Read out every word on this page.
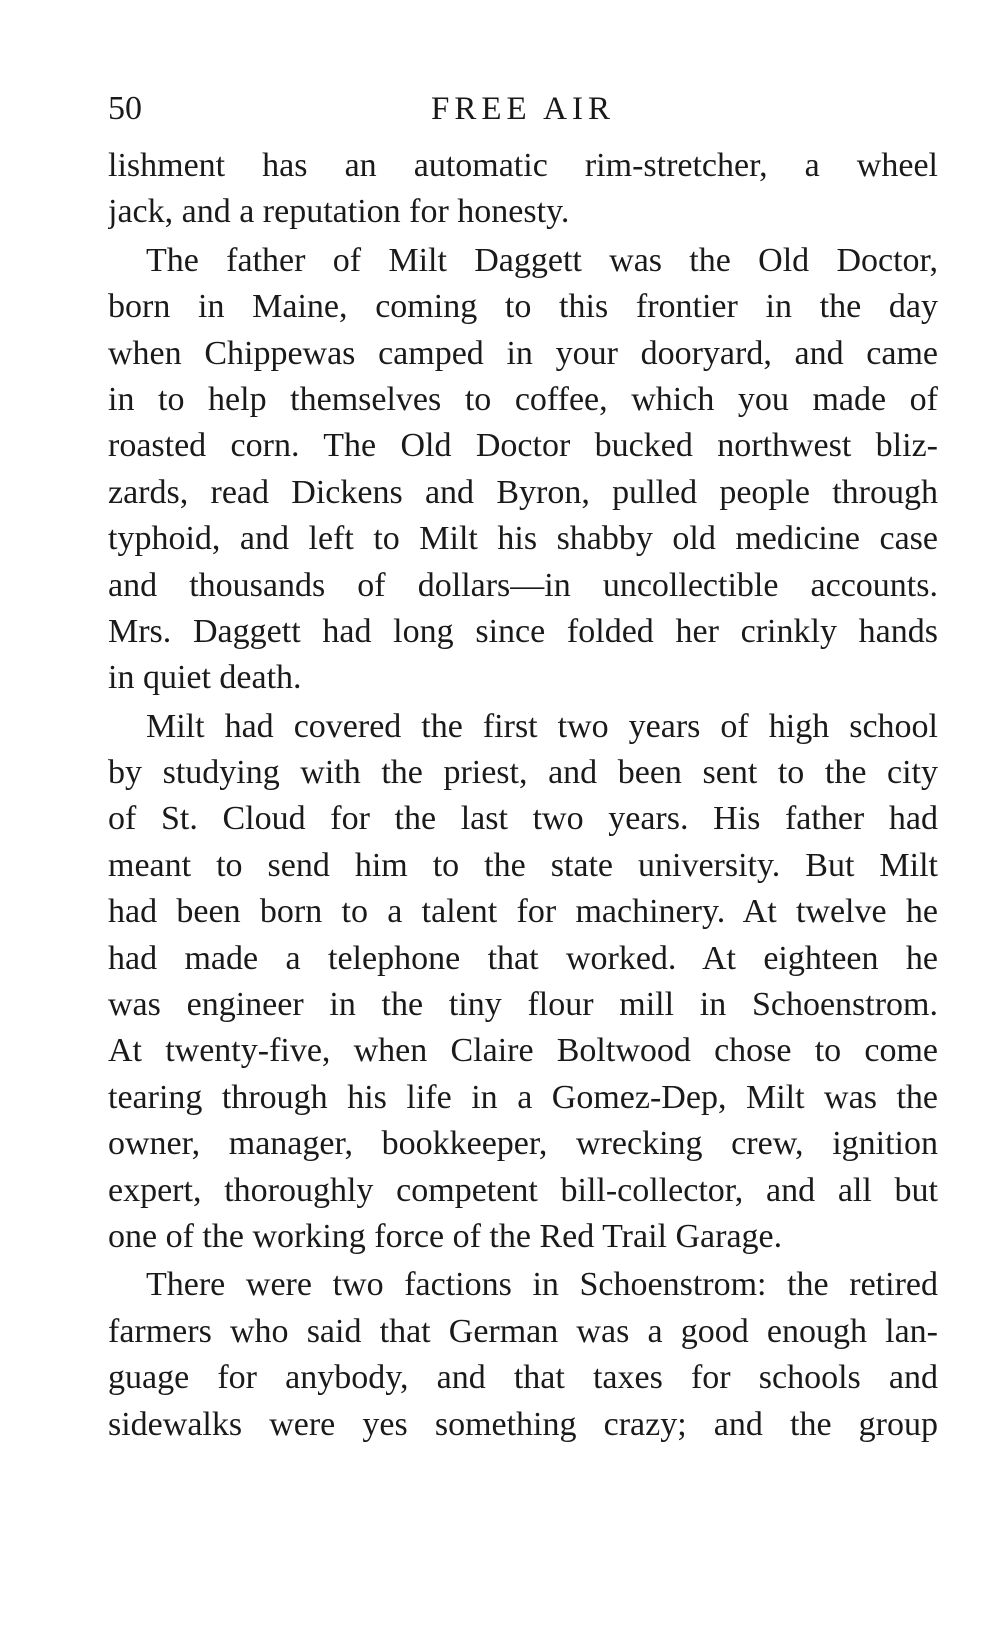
50	FREE AIR
lishment has an automatic rim-stretcher, a wheel
jack, and a reputation for honesty.
The father of Milt Daggett was the Old Doctor,
born in Maine, coming to this frontier in the day
when Chippewas camped in your dooryard, and came
in to help themselves to coffee, which you made of
roasted corn. The Old Doctor bucked northwest bliz-
zards, read Dickens and Byron, pulled people through
typhoid, and left to Milt his shabby old medicine case
and thousands of dollars—in uncollectible accounts.
Mrs. Daggett had long since folded her crinkly hands
in quiet death.
Milt had covered the first two years of high school
by studying with the priest, and been sent to the city
of St. Cloud for the last two years. His father had
meant to send him to the state university. But Milt
had been born to a talent for machinery. At twelve he
had made a telephone that worked. At eighteen he
was engineer in the tiny flour mill in Schoenstrom.
At twenty-five, when Claire Boltwood chose to come
tearing through his life in a Gomez-Dep, Milt was the
owner, manager, bookkeeper, wrecking crew, ignition
expert, thoroughly competent bill-collector, and all but
one of the working force of the Red Trail Garage.
There were two factions in Schoenstrom: the retired
farmers who said that German was a good enough lan-
guage for anybody, and that taxes for schools and
sidewalks were yes something crazy; and the group
